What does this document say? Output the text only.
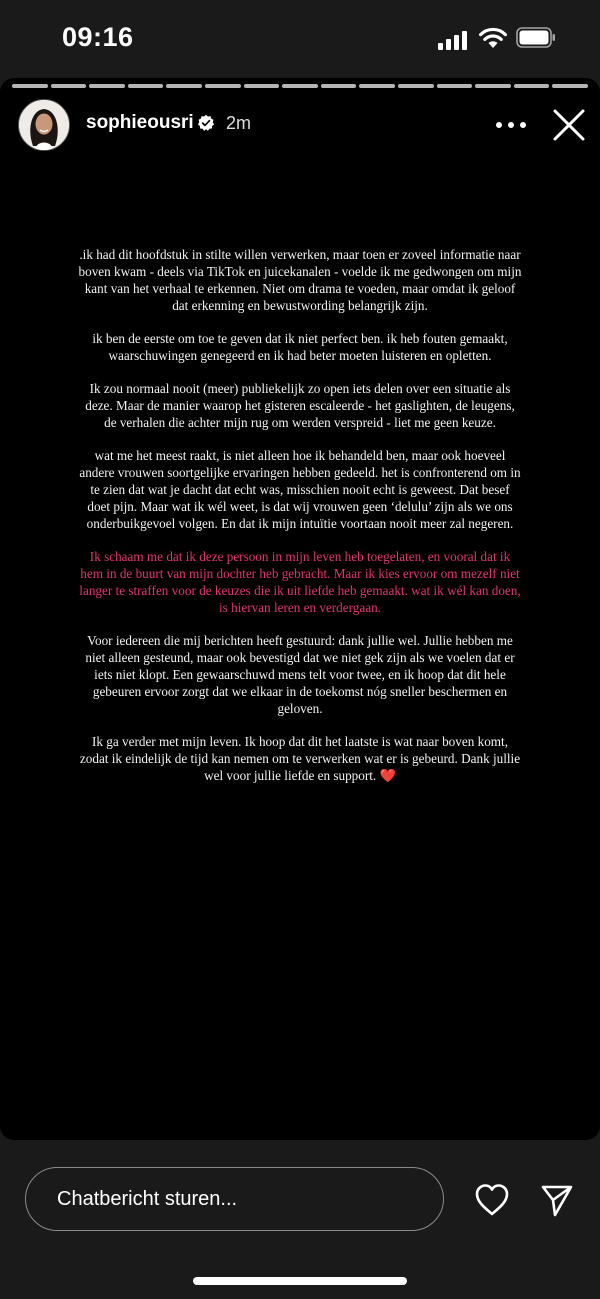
09:16
sophieousri 2m

.ik had dit hoofdstuk in stilte willen verwerken, maar toen er zoveel informatie naar boven kwam - deels via TikTok en juicekanalen - voelde ik me gedwongen om mijn kant van het verhaal te erkennen. Niet om drama te voeden, maar omdat ik geloof dat erkenning en bewustwording belangrijk zijn.

ik ben de eerste om toe te geven dat ik niet perfect ben. ik heb fouten gemaakt, waarschuwingen genegeerd en ik had beter moeten luisteren en opletten.

Ik zou normaal nooit (meer) publiekelijk zo open iets delen over een situatie als deze. Maar de manier waarop het gisteren escaleerde - het gaslighten, de leugens, de verhalen die achter mijn rug om werden verspreid - liet me geen keuze.

wat me het meest raakt, is niet alleen hoe ik behandeld ben, maar ook hoeveel andere vrouwen soortgelijke ervaringen hebben gedeeld. het is confronterend om in te zien dat wat je dacht dat echt was, misschien nooit echt is geweest. Dat besef doet pijn. Maar wat ik wél weet, is dat wij vrouwen geen ‘delulu’ zijn als we ons onderbuikgevoel volgen. En dat ik mijn intuïtie voortaan nooit meer zal negeren.

Ik schaam me dat ik deze persoon in mijn leven heb toegelaten, en vooral dat ik hem in de buurt van mijn dochter heb gebracht. Maar ik kies ervoor om mezelf niet langer te straffen voor de keuzes die ik uit liefde heb gemaakt. wat ik wél kan doen, is hiervan leren en verdergaan.

Voor iedereen die mij berichten heeft gestuurd: dank jullie wel. Jullie hebben me niet alleen gesteund, maar ook bevestigd dat we niet gek zijn als we voelen dat er iets niet klopt. Een gewaarschuwd mens telt voor twee, en ik hoop dat dit hele gebeuren ervoor zorgt dat we elkaar in de toekomst nóg sneller beschermen en geloven.

Ik ga verder met mijn leven. Ik hoop dat dit het laatste is wat naar boven komt, zodat ik eindelijk de tijd kan nemen om te verwerken wat er is gebeurd. Dank jullie wel voor jullie liefde en support. ❤️

Chatbericht sturen...
